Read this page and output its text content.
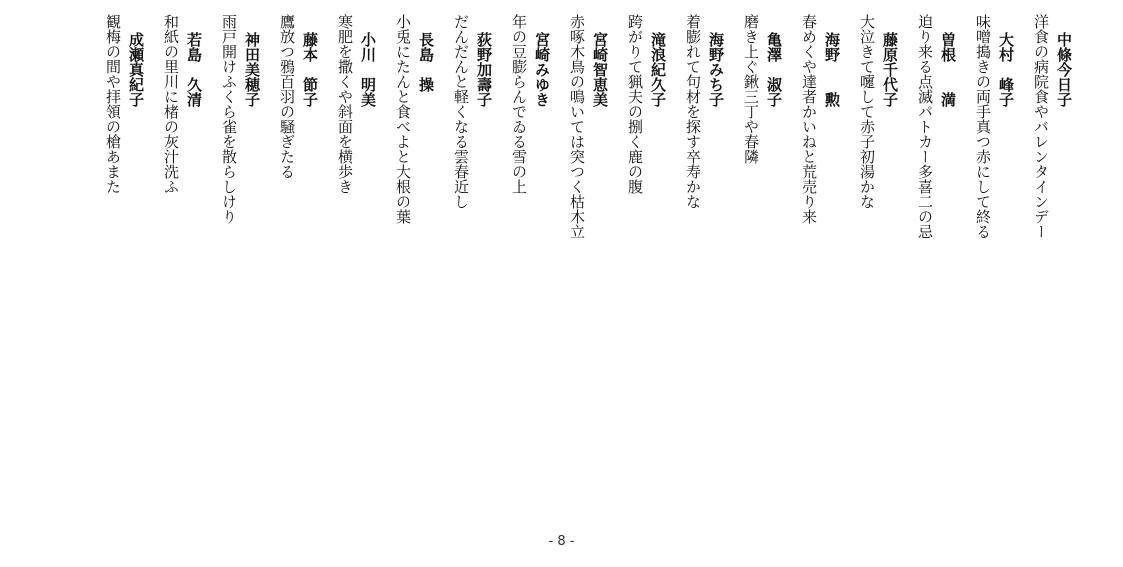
中條今日子
洋食の病院食やバレンタインデー
大村　峰子
味噌搗きの両手真つ赤にして終る
曽根　　満
迫り来る点滅パトカー多喜二の忌
藤原千代子
大泣きて嚔して赤子初湯かな
海野　　勲
春めくや達者かいねと荒売り来
亀澤　淑子
磨き上ぐ鍬三丁や春隣
海野みち子
着膨れて句材を探す卒寿かな
滝浪紀久子
跨がりて猟夫の捌く鹿の腹
宮崎智恵美
赤啄木鳥の鳴いては突つく枯木立
宮崎みゆき
年の豆膨らんでゐる雪の上
荻野加壽子
だんだんと軽くなる雲春近し
長島　操
小兎にたんと食べよと大根の葉
小川　明美
寒肥を撒くや斜面を横歩き
藤本　節子
鷹放つ鴉百羽の騒ぎたる
神田美穂子
雨戸開けふくら雀を散らしけり
若島　久清
和紙の里川に楮の灰汁洗ふ
成瀬真紀子
観梅の間や拝領の槍あまた
- 8 -
